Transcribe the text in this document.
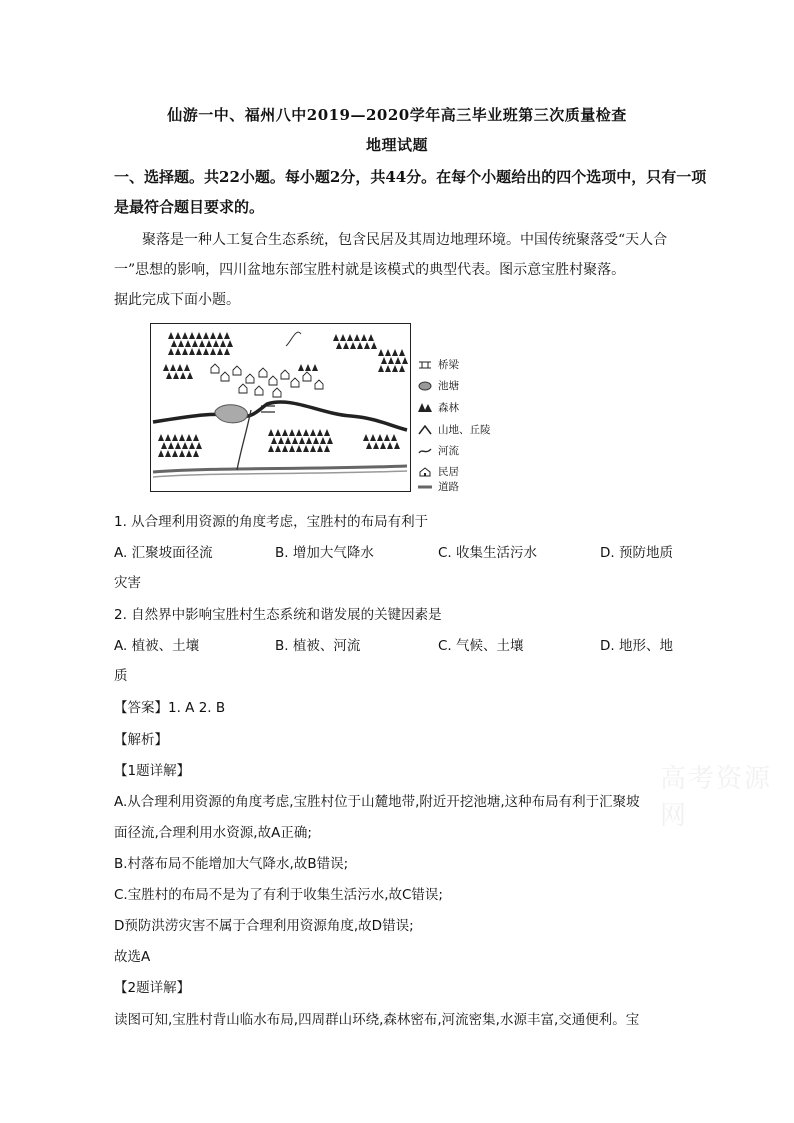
高考资源网
仙游一中、福州八中2019—2020学年高三毕业班第三次质量检查
地理试题
一、选择题。共22小题。每小题2分，共44分。在每个小题给出的四个选项中，只有一项
是最符合题目要求的。
聚落是一种人工复合生态系统，包含民居及其周边地理环境。中国传统聚落受“天人合
一”思想的影响，四川盆地东部宝胜村就是该模式的典型代表。图示意宝胜村聚落。
据此完成下面小题。
桥梁
池塘
森林
山地、丘陵
河流
民居
道路
1. 从合理利用资源的角度考虑，宝胜村的布局有利于
A. 汇聚坡面径流	B. 增加大气降水	C. 收集生活污水	D. 预防地质
灾害
2. 自然界中影响宝胜村生态系统和谐发展的关键因素是
A. 植被、土壤	B. 植被、河流	C. 气候、土壤	D. 地形、地
质
【答案】1. A 2. B
【解析】
【1题详解】
A.从合理利用资源的角度考虑,宝胜村位于山麓地带,附近开挖池塘,这种布局有利于汇聚坡
面径流,合理利用水资源,故A正确;
B.村落布局不能增加大气降水,故B错误;
C.宝胜村的布局不是为了有利于收集生活污水,故C错误;
D预防洪涝灾害不属于合理利用资源角度,故D错误;
故选A
【2题详解】
读图可知,宝胜村背山临水布局,四周群山环绕,森林密布,河流密集,水源丰富,交通便利。宝
